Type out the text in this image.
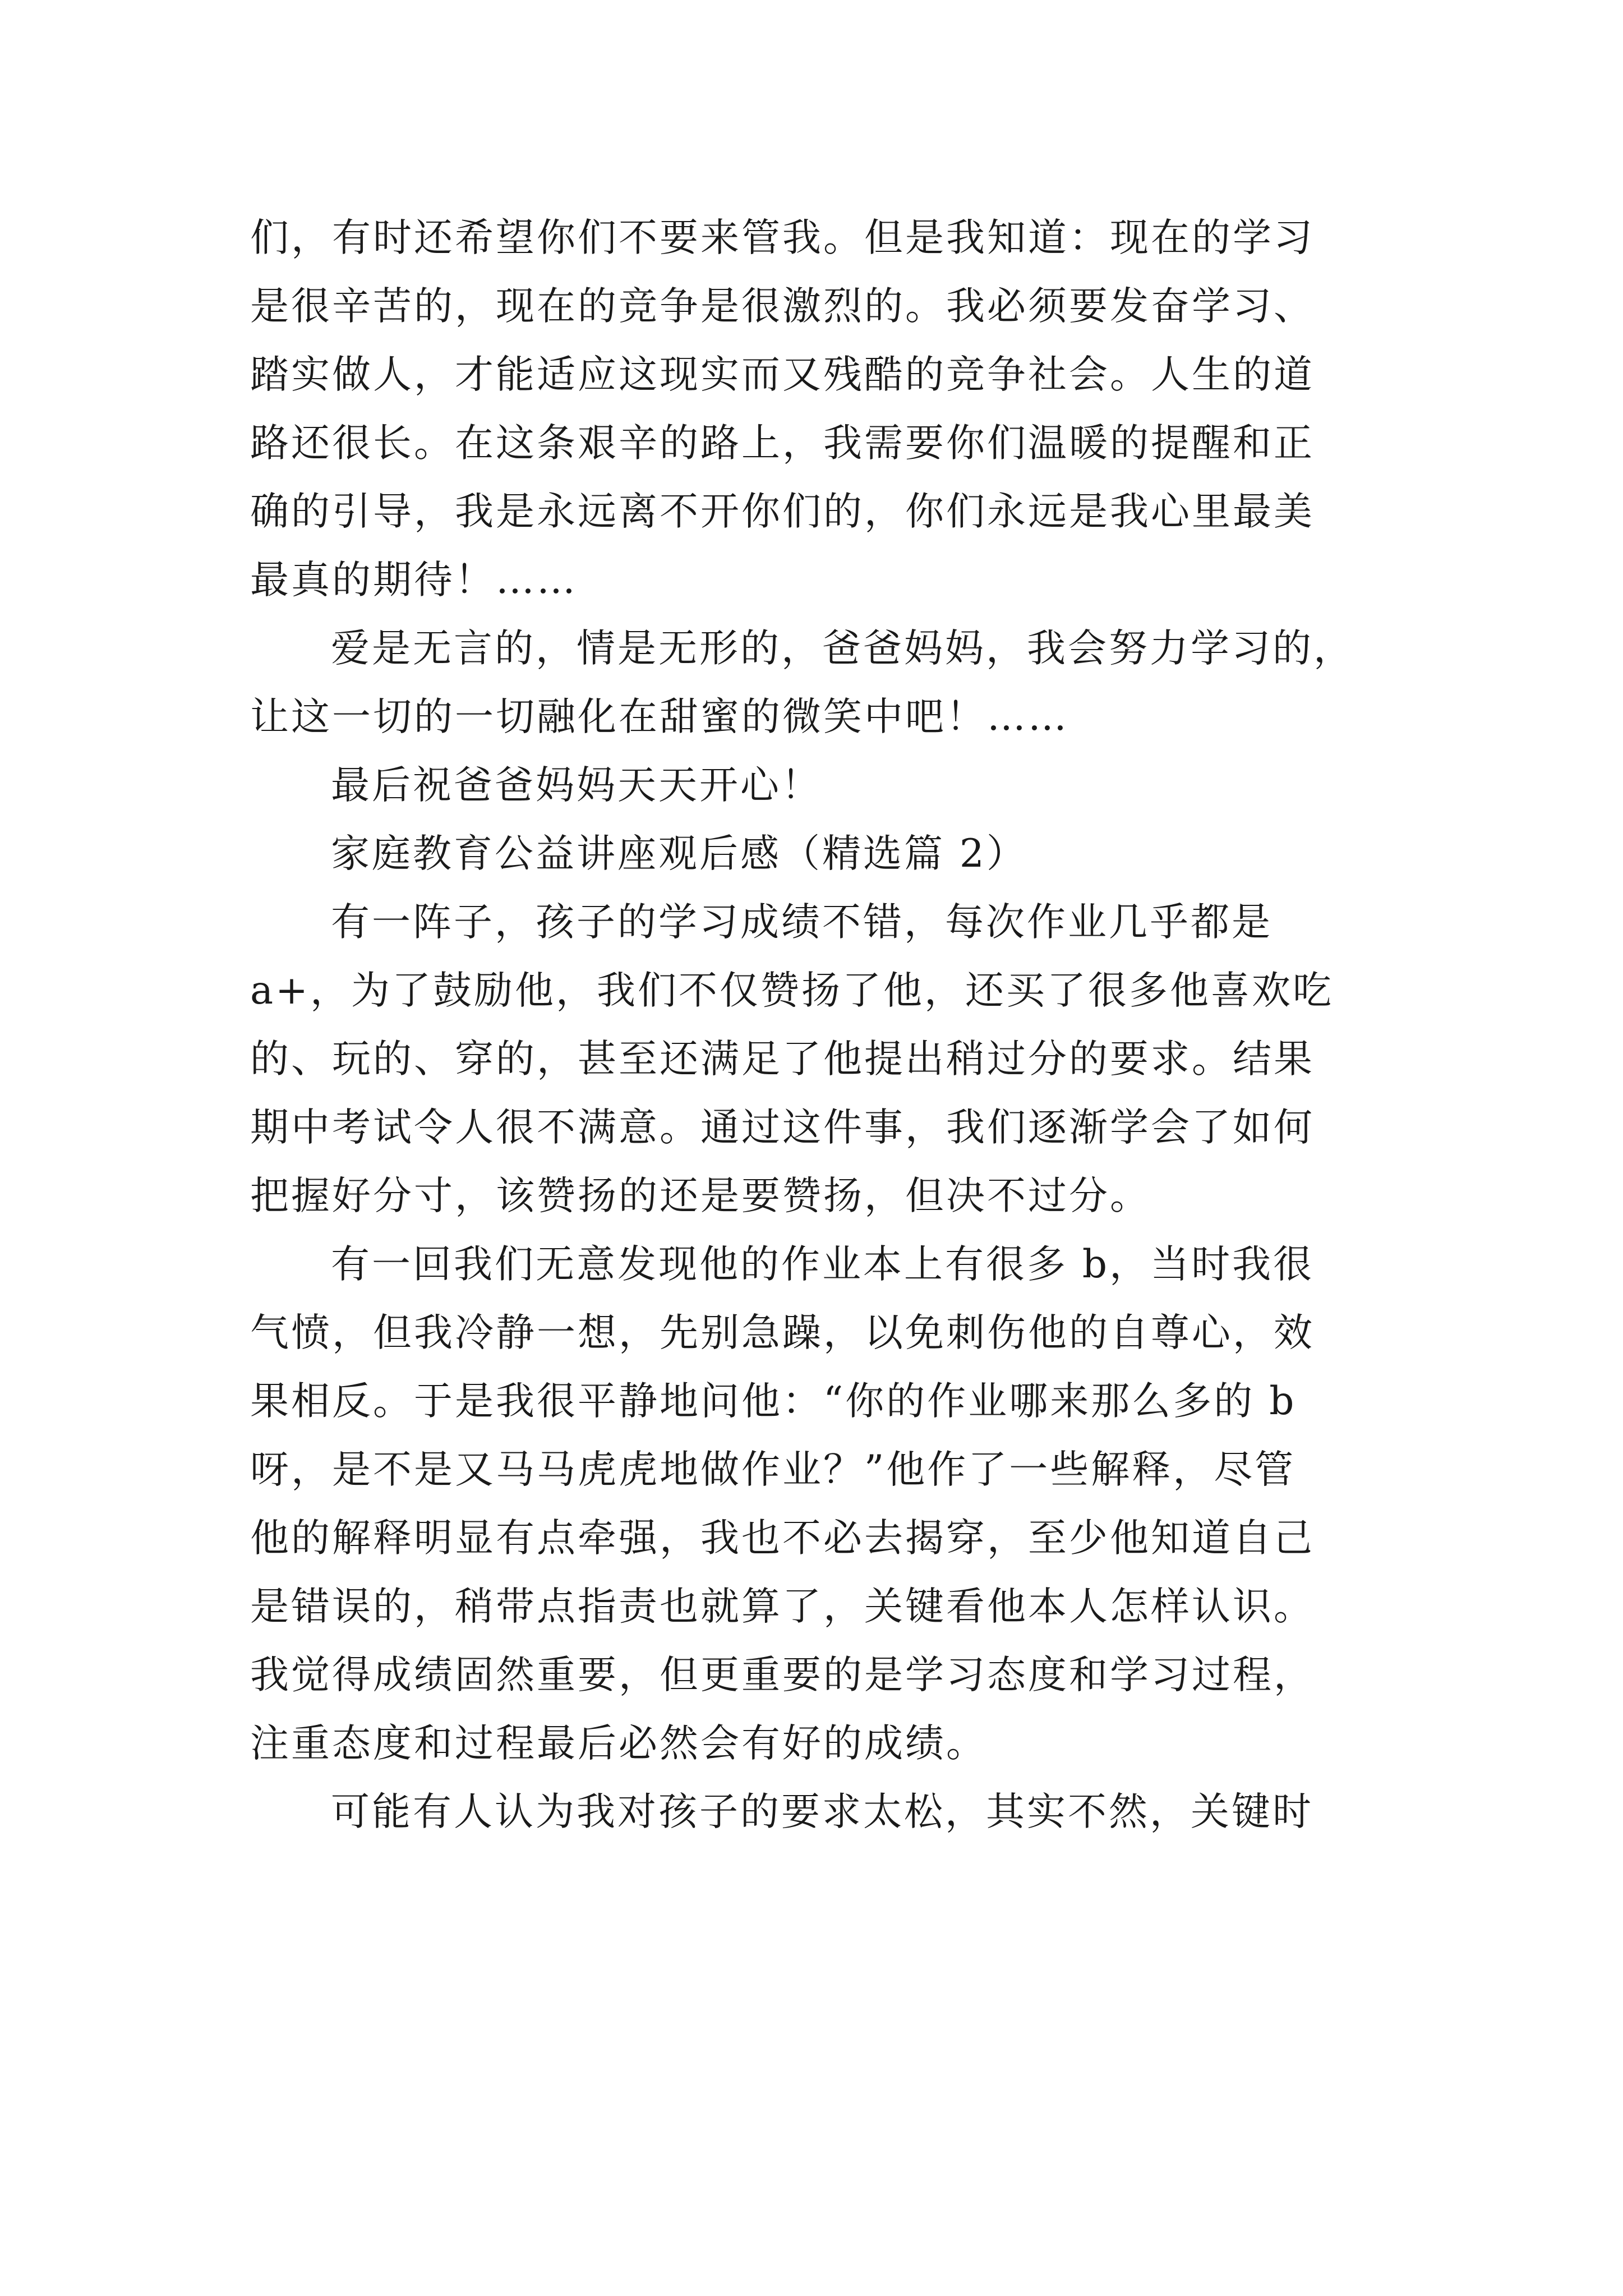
们，有时还希望你们不要来管我。但是我知道：现在的学习

是很辛苦的，现在的竞争是很激烈的。我必须要发奋学习、

踏实做人，才能适应这现实而又残酷的竞争社会。人生的道

路还很长。在这条艰辛的路上，我需要你们温暖的提醒和正

确的引导，我是永远离不开你们的，你们永远是我心里最美

最真的期待！……

爱是无言的，情是无形的，爸爸妈妈，我会努力学习的，

让这一切的一切融化在甜蜜的微笑中吧！……

最后祝爸爸妈妈天天开心！

家庭教育公益讲座观后感（精选篇 2）

有一阵子，孩子的学习成绩不错，每次作业几乎都是

a+，为了鼓励他，我们不仅赞扬了他，还买了很多他喜欢吃

的、玩的、穿的，甚至还满足了他提出稍过分的要求。结果

期中考试令人很不满意。通过这件事，我们逐渐学会了如何

把握好分寸，该赞扬的还是要赞扬，但决不过分。

有一回我们无意发现他的作业本上有很多 b，当时我很

气愤，但我冷静一想，先别急躁，以免刺伤他的自尊心，效

果相反。于是我很平静地问他：“你的作业哪来那么多的 b

呀，是不是又马马虎虎地做作业？”他作了一些解释，尽管

他的解释明显有点牵强，我也不必去揭穿，至少他知道自己

是错误的，稍带点指责也就算了，关键看他本人怎样认识。

我觉得成绩固然重要，但更重要的是学习态度和学习过程，

注重态度和过程最后必然会有好的成绩。

可能有人认为我对孩子的要求太松，其实不然，关键时
